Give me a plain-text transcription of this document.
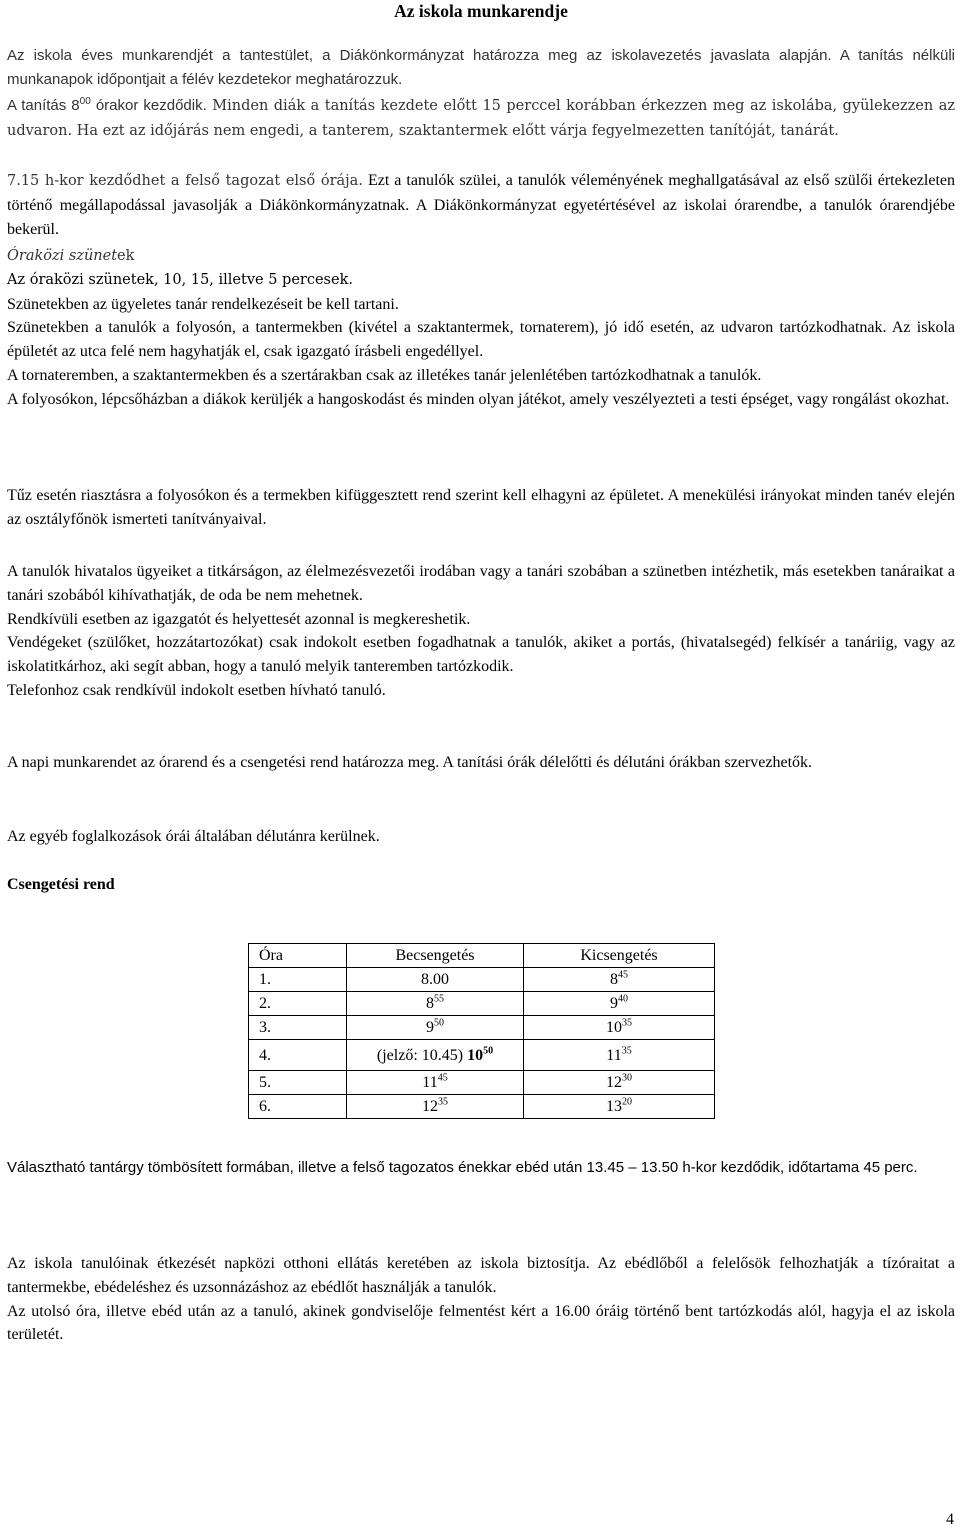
Az iskola munkarendje

Az iskola éves munkarendjét a tantestület, a Diákönkormányzat határozza meg az iskolavezetés javaslata alapján. A tanítás nélküli munkanapok időpontjait a félév kezdetekor meghatározzuk.

A tanítás $8^{00}$ órakor kezdődik. Minden diák a tanítás kezdete előtt 15 perccel korábban érkezzen meg az iskolába, gyülekezzen az udvaron. Ha ezt az időjárás nem engedi, a tanterem, szaktantermek előtt várja fegyelmezetten tanítóját, tanárát.

7.15 h-kor kezdődhet a felső tagozat első órája. Ezt a tanulók szülei, a tanulók véleményének meghallgatásával az első szülői értekezleten történő megállapodással javasolják a Diákönkormányzatnak. A Diákönkormányzat egyetértésével az iskolai órarendbe, a tanulók órarendjébe bekerül.

Óraközi szünetek

Az óraközi szünetek, 10, 15, illetve 5 percesek.

Szünetekben az ügyeletes tanár rendelkezéseit be kell tartani.

Szünetekben a tanulók a folyosón, a tantermekben (kivétel a szaktantermek, tornaterem), jó idő esetén, az udvaron tartózkodhatnak. Az iskola épületét az utca felé nem hagyhatják el, csak igazgató írásbeli engedéllyel.

A tornateremben, a szaktantermekben és a szertárakban csak az illetékes tanár jelenlétében tartózkodhatnak a tanulók.

A folyosókon, lépcsőházban a diákok kerüljék a hangoskodást és minden olyan játékot, amely veszélyezteti a testi épséget, vagy rongálást okozhat.

Tűz esetén riasztásra a folyosókon és a termekben kifüggesztett rend szerint kell elhagyni az épületet. A menekülési irányokat minden tanév elején az osztályfőnök ismerteti tanítványaival.

A tanulók hivatalos ügyeiket a titkárságon, az élelmezésvezetői irodában vagy a tanári szobában a szünetben intézhetik, más esetekben tanáraikat a tanári szobából kihívathatják, de oda be nem mehetnek.

Rendkívüli esetben az igazgatót és helyettesét azonnal is megkereshetik.

Vendégeket (szülőket, hozzátartozókat) csak indokolt esetben fogadhatnak a tanulók, akiket a portás, (hivatalsegéd) felkísér a tanáriig, vagy az iskolatitkárhoz, aki segít abban, hogy a tanuló melyik tanteremben tartózkodik.

Telefonhoz csak rendkívül indokolt esetben hívható tanuló.

A napi munkarendet az órarend és a csengetési rend határozza meg. A tanítási órák délelőtti és délutáni órákban szervezhetők.

Az egyéb foglalkozások órái általában délutánra kerülnek.

Csengetési rend

Óra	Becsengetés	Kicsengetés
1.	8.00	$8^{45}$
2.	$8^{55}$	$9^{40}$
3.	$9^{50}$	$10^{35}$
4.	(jelző: 10.45) $10^{50}$	$11^{35}$
5.	$11^{45}$	$12^{30}$
6.	$12^{35}$	$13^{20}$

Választható tantárgy tömbösített formában, illetve a felső tagozatos énekkar ebéd után 13.45 – 13.50 h-kor kezdődik, időtartama 45 perc.

Az iskola tanulóinak étkezését napközi otthoni ellátás keretében az iskola biztosítja. Az ebédlőből a felelősök felhozhatják a tízóraitat a tantermekbe, ebédeléshez és uzsonnázáshoz az ebédlőt használják a tanulók.

Az utolsó óra, illetve ebéd után az a tanuló, akinek gondviselője felmentést kért a 16.00 óráig történő bent tartózkodás alól, hagyja el az iskola területét.

4
